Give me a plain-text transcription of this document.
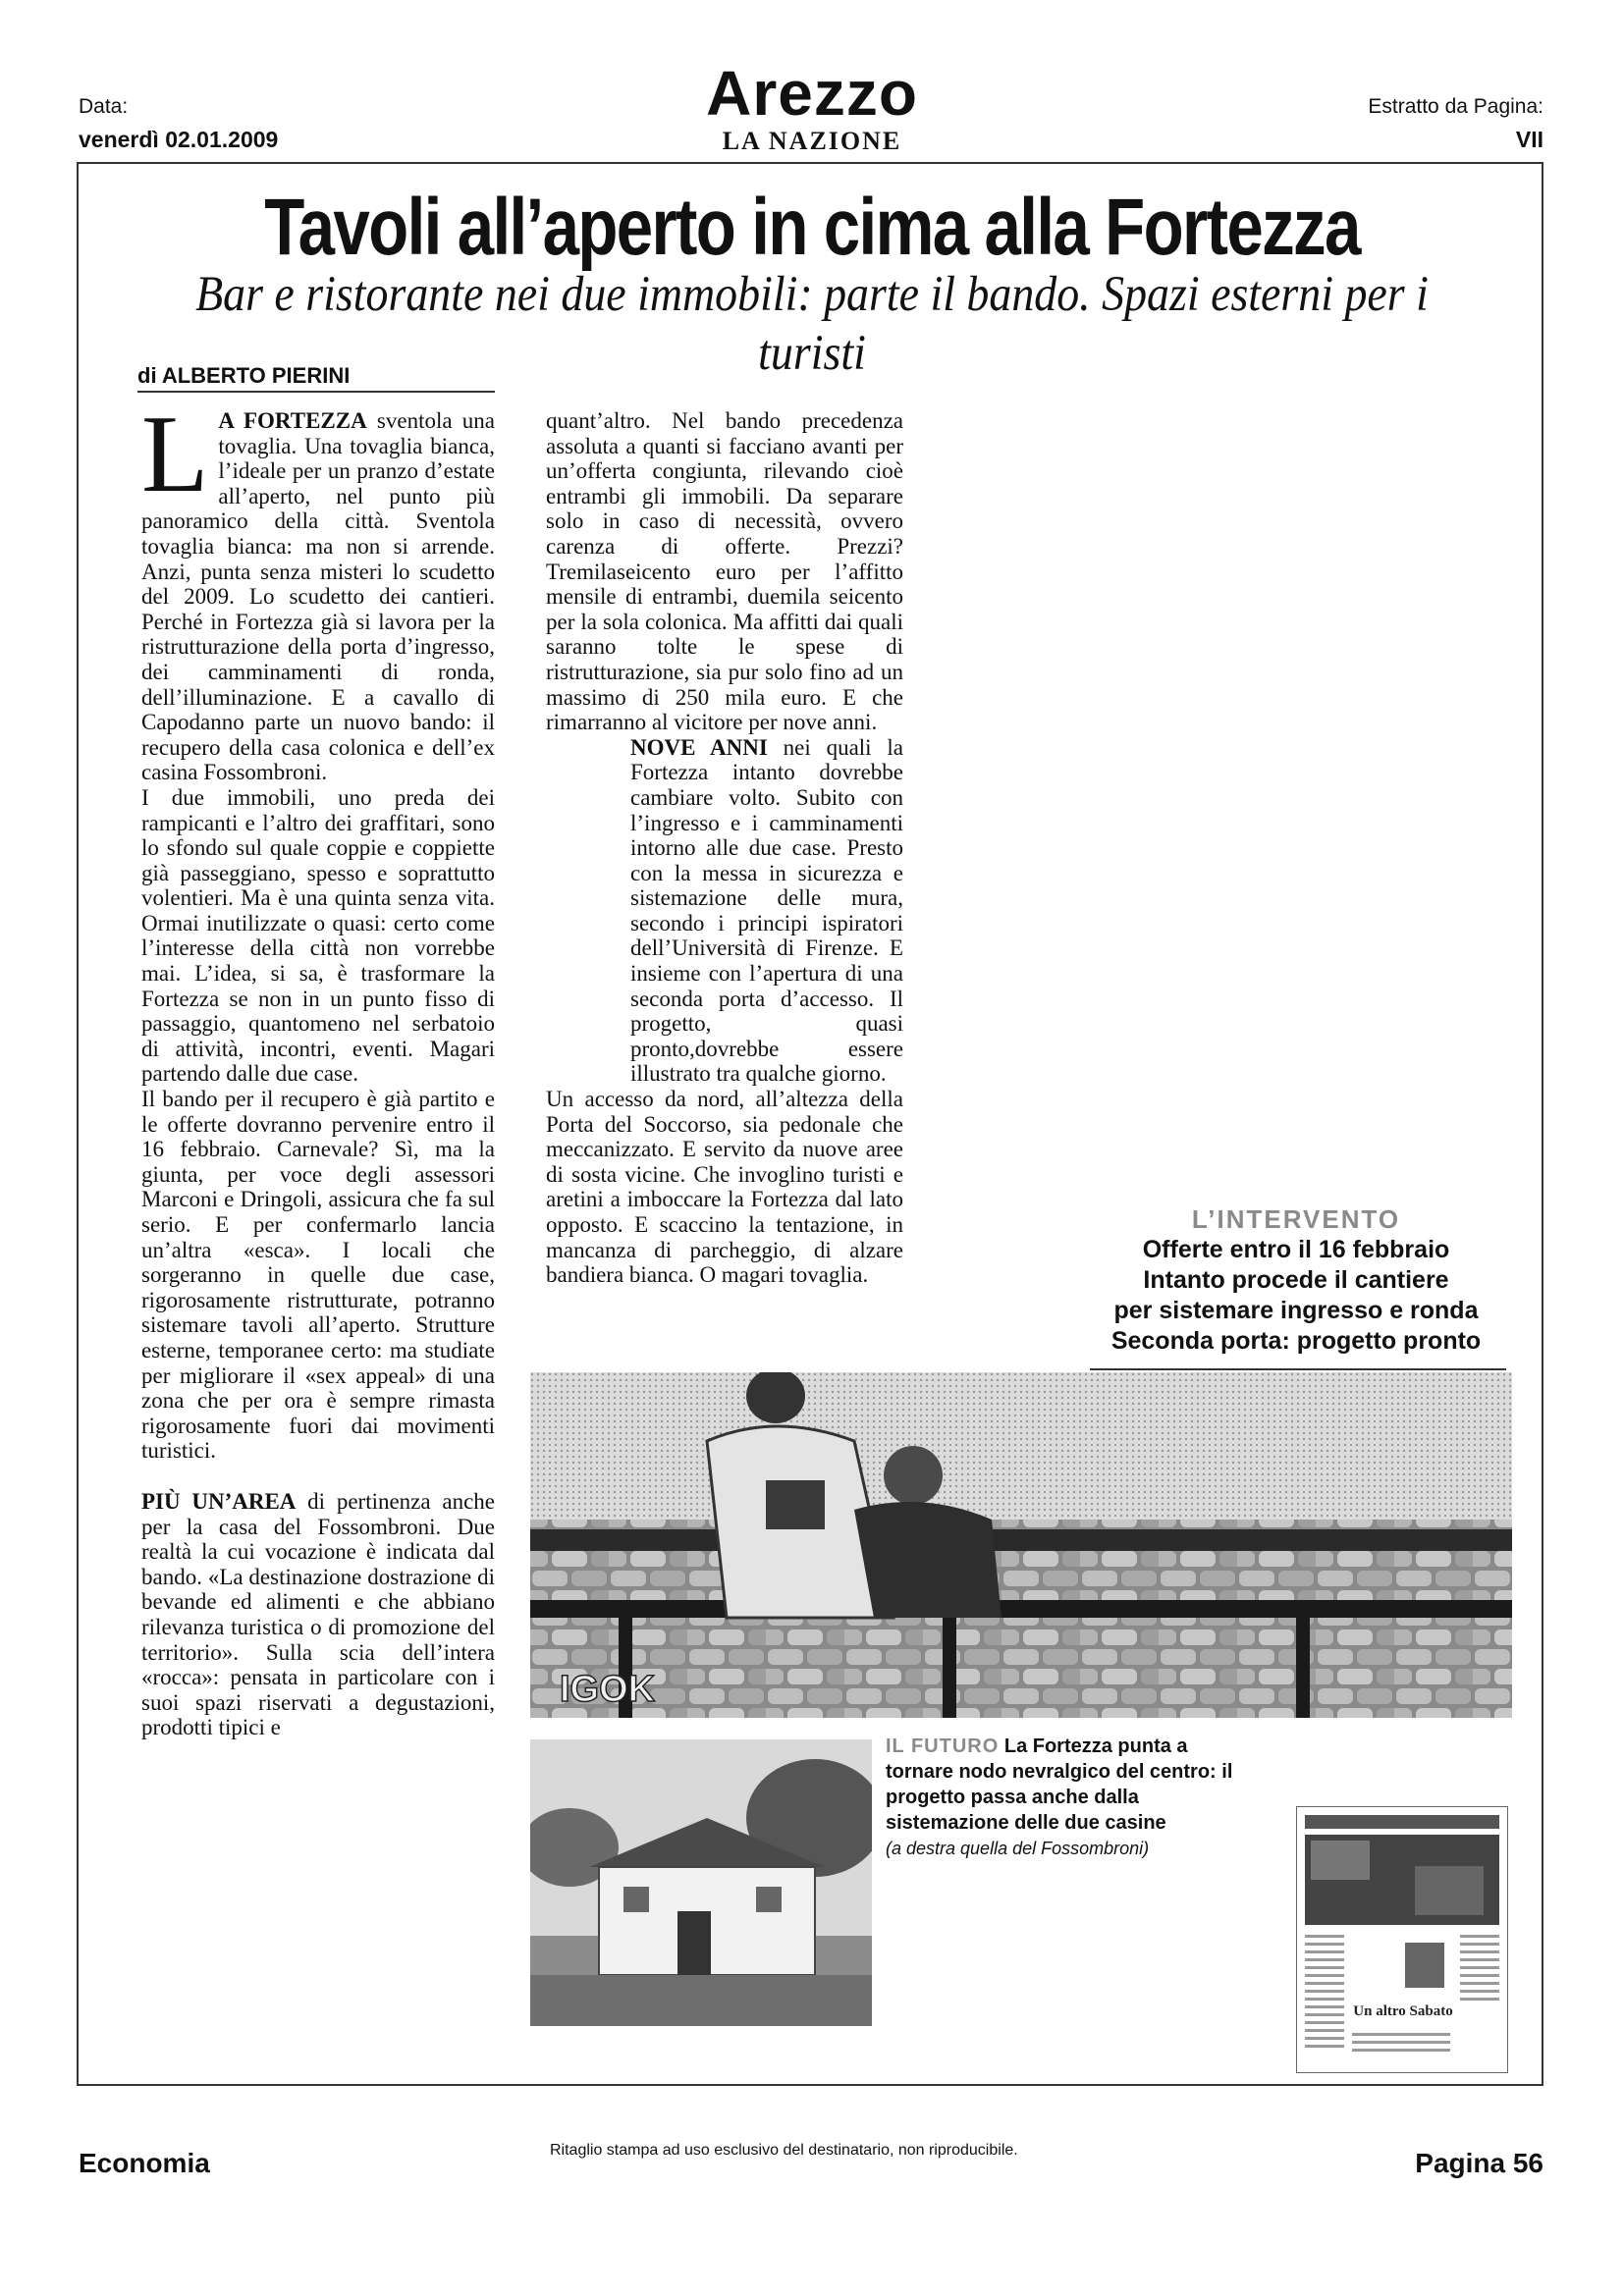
Data:
venerdì 02.01.2009
Arezzo
LA NAZIONE
Estratto da Pagina:
VII
Tavoli all’aperto in cima alla Fortezza
Bar e ristorante nei due immobili: parte il bando. Spazi esterni per i turisti
di ALBERTO PIERINI

L A FORTEZZA sventola una tovaglia. Una tovaglia bianca, l’ideale per un pranzo d’estate all’aperto, nel punto più panoramico della città. Sventola tovaglia bianca: ma non si arrende. Anzi, punta senza misteri lo scudetto del 2009. Lo scudetto dei cantieri. Perché in Fortezza già si lavora per la ristrutturazione della porta d’ingresso, dei camminamenti di ronda, dell’illuminazione. E a cavallo di Capodanno parte un nuovo bando: il recupero della casa colonica e dell’ex casina Fossombroni.

I due immobili, uno preda dei rampicanti e l’altro dei graffitari, sono lo sfondo sul quale coppie e coppiette già passeggiano, spesso e soprattutto volentieri. Ma è una quinta senza vita. Ormai inutilizzate o quasi: certo come l’interesse della città non vorrebbe mai. L’idea, si sa, è trasformare la Fortezza se non in un punto fisso di passaggio, quantomeno nel serbatoio di attività, incontri, eventi. Magari partendo dalle due case.

Il bando per il recupero è già partito e le offerte dovranno pervenire entro il 16 febbraio. Carnevale? Sì, ma la giunta, per voce degli assessori Marconi e Dringoli, assicura che fa sul serio. E per confermarlo lancia un’altra «esca». I locali che sorgeranno in quelle due case, rigorosamente ristrutturate, potranno sistemare tavoli all’aperto. Strutture esterne, temporanee certo: ma studiate per migliorare il «sex appeal» di una zona che per ora è sempre rimasta rigorosamente fuori dai movimenti turistici.

PIÙ UN’AREA di pertinenza anche per la casa del Fossombroni. Due realtà la cui vocazione è indicata dal bando. «La destinazione dostrazione di bevande ed alimenti e che abbiano rilevanza turistica o di promozione del territorio». Sulla scia dell’intera «rocca»: pensata in particolare con i suoi spazi riservati a degustazioni, prodotti tipici e

quant’altro. Nel bando precedenza assoluta a quanti si facciano avanti per un’offerta congiunta, rilevando cioè entrambi gli immobili. Da separare solo in caso di necessità, ovvero carenza di offerte. Prezzi? Tremilaseicento euro per l’affitto mensile di entrambi, duemila seicento per la sola colonica. Ma affitti dai quali saranno tolte le spese di ristrutturazione, sia pur solo fino ad un massimo di 250 mila euro. E che rimarranno al vicitore per nove anni.

NOVE ANNI nei quali la Fortezza intanto dovrebbe cambiare volto. Subito con l’ingresso e i camminamenti intorno alle due case. Presto con la messa in sicurezza e sistemazione delle mura, secondo i principi ispiratori dell’Università di Firenze. E insieme con l’apertura di una seconda porta d’accesso. Il progetto, quasi pronto,dovrebbe essere illustrato tra qualche giorno.

Un accesso da nord, all’altezza della Porta del Soccorso, sia pedonale che meccanizzato. E servito da nuove aree di sosta vicine. Che invoglino turisti e aretini a imboccare la Fortezza dal lato opposto. E scaccino la tentazione, in mancanza di parcheggio, di alzare bandiera bianca. O magari tovaglia.

L’INTERVENTO
Offerte entro il 16 febbraio
Intanto procede il cantiere
per sistemare ingresso e ronda
Seconda porta: progetto pronto
IGOK
IL FUTURO La Fortezza punta a tornare nodo nevralgico del centro: il progetto passa anche dalla sistemazione delle due casine
(a destra quella del Fossombroni)
Un altro Sabato
Economia	Ritaglio stampa ad uso esclusivo del destinatario, non riproducibile.	Pagina 56
